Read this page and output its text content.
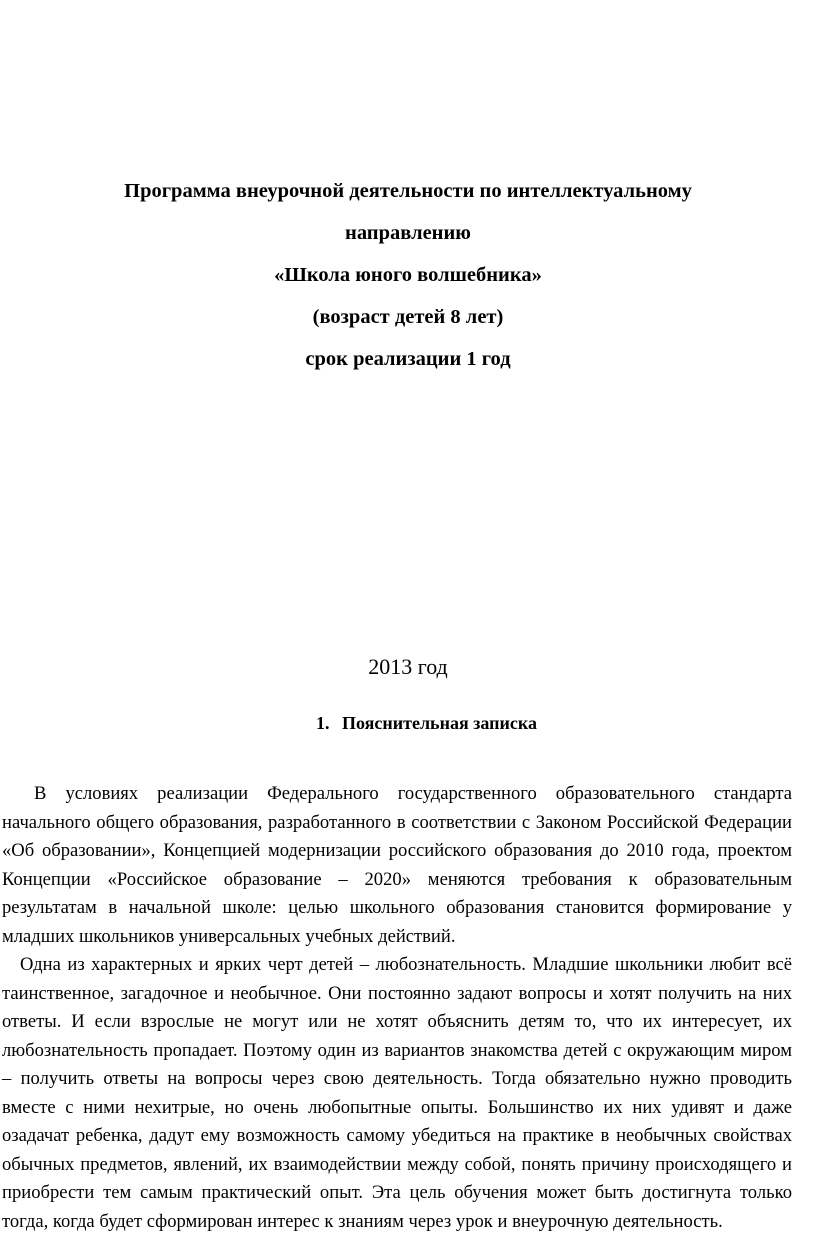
Программа внеурочной деятельности по интеллектуальному
направлению
«Школа юного волшебника»
(возраст детей 8 лет)
срок реализации 1 год
2013 год
1. Пояснительная записка

В условиях реализации Федерального государственного образовательного стандарта начального общего образования, разработанного в соответствии с Законом Российской Федерации «Об образовании», Концепцией модернизации российского образования до 2010 года, проектом Концепции «Российское образование – 2020» меняются требования к образовательным результатам в начальной школе: целью школьного образования становится формирование у младших школьников универсальных учебных действий.

Одна из характерных и ярких черт детей – любознательность. Младшие школьники любит всё таинственное, загадочное и необычное. Они постоянно задают вопросы и хотят получить на них ответы. И если взрослые не могут или не хотят объяснить детям то, что их интересует, их любознательность пропадает. Поэтому один из вариантов знакомства детей с окружающим миром – получить ответы на вопросы через свою деятельность. Тогда обязательно нужно проводить вместе с ними нехитрые, но очень любопытные опыты. Большинство их них удивят и даже озадачат ребенка, дадут ему возможность самому убедиться на практике в необычных свойствах обычных предметов, явлений, их взаимодействии между собой, понять причину происходящего и приобрести тем самым практический опыт. Эта цель обучения может быть достигнута только тогда, когда будет сформирован интерес к знаниям через урок и внеурочную деятельность.
